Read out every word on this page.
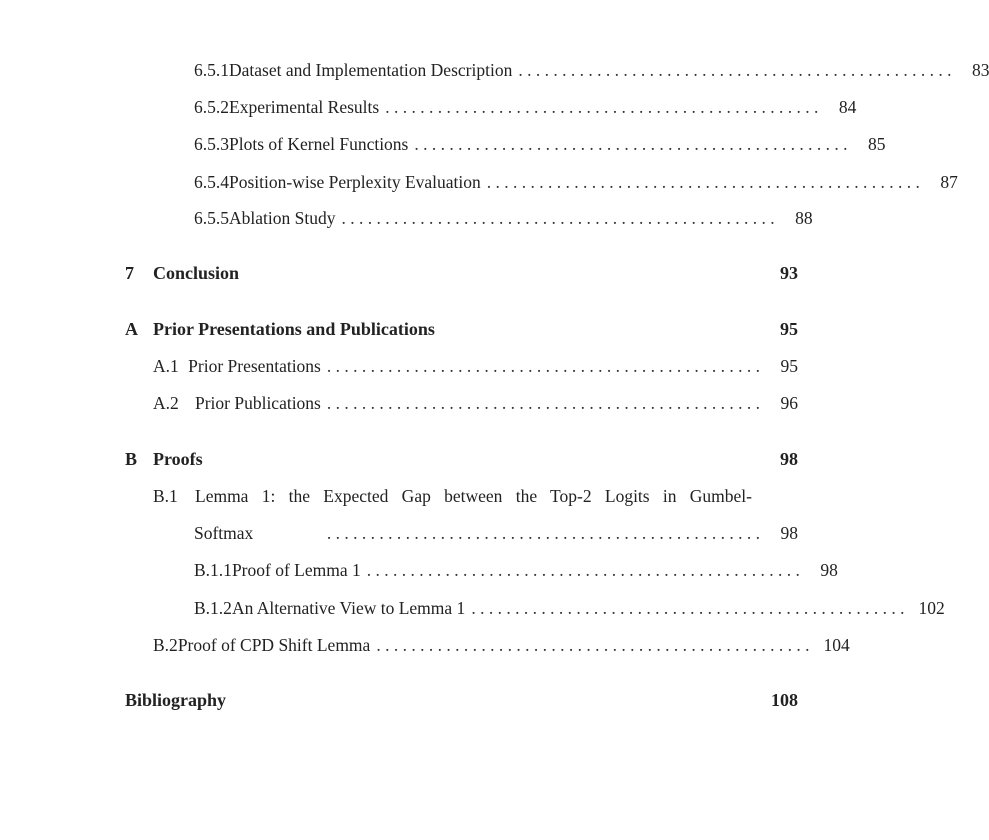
6.5.1 Dataset and Implementation Description . . . . . . . . . . . . . . . . . . . . . . . . . . . . . . . . . . . . . . . . . . . . . . . . . .	83
6.5.2 Experimental Results . . . . . . . . . . . . . . . . . . . . . . . . . . . . . . . . . . . . . . . . . . . . . . . . . .	84
6.5.3 Plots of Kernel Functions . . . . . . . . . . . . . . . . . . . . . . . . . . . . . . . . . . . . . . . . . . . . . . . . . .	85
6.5.4 Position-wise Perplexity Evaluation . . . . . . . . . . . . . . . . . . . . . . . . . . . . . . . . . . . . . . . . . . . . . . . . . .	87
6.5.5 Ablation Study . . . . . . . . . . . . . . . . . . . . . . . . . . . . . . . . . . . . . . . . . . . . . . . . . .	88
7	Conclusion	93
A Prior Presentations and Publications	95
A.1 Prior Presentations . . . . . . . . . . . . . . . . . . . . . . . . . . . . . . . . . . . . . . . . . . . . . . . . . .	95
A.2 Prior Publications . . . . . . . . . . . . . . . . . . . . . . . . . . . . . . . . . . . . . . . . . . . . . . . . . .	96
B Proofs	98
B.1 Lemma 1: the Expected Gap between the Top-2 Logits in Gumbel-
Softmax	. . . . . . . . . . . . . . . . . . . . . . . . . . . . . . . . . . . . . . . . . . . . . . . . . .	98
B.1.1 Proof of Lemma 1 . . . . . . . . . . . . . . . . . . . . . . . . . . . . . . . . . . . . . . . . . . . . . . . . . .	98
B.1.2 An Alternative View to Lemma 1 . . . . . . . . . . . . . . . . . . . . . . . . . . . . . . . . . . . . . . . . . . . . . . . . . . 102
B.2 Proof of CPD Shift Lemma . . . . . . . . . . . . . . . . . . . . . . . . . . . . . . . . . . . . . . . . . . . . . . . . . . 104
Bibliography	108
